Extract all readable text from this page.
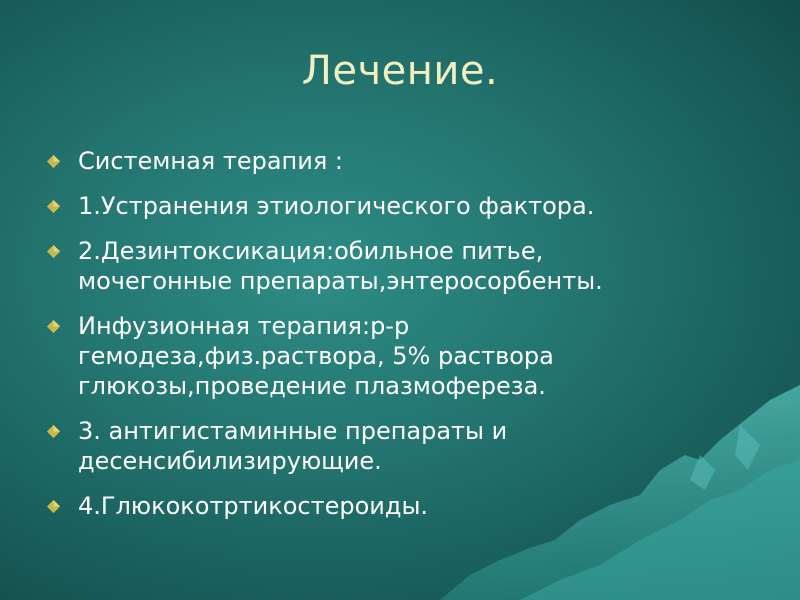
Лечение.
Системная терапия :
1.Устранения этиологического фактора.
2.Дезинтоксикация:обильное питье,
мочегонные препараты,энтеросорбенты.
Инфузионная терапия:р-р
гемодеза,физ.раствора, 5% раствора
глюкозы,проведение плазмофереза.
3. антигистаминные препараты и
десенсибилизирующие.
4.Глюкокотртикостероиды.
